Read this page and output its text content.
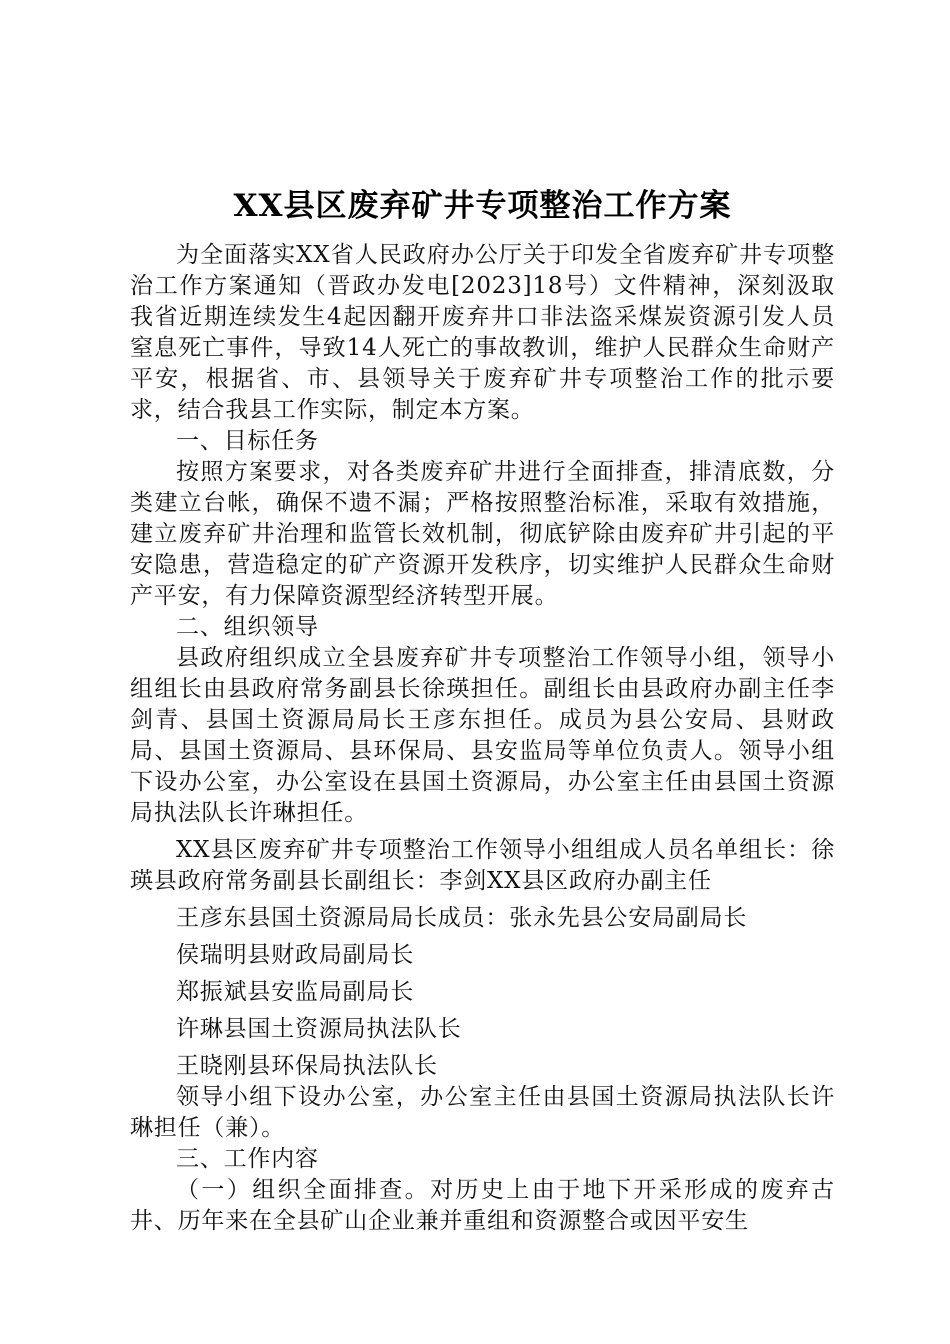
XX县区废弃矿井专项整治工作方案

为全面落实XX省人民政府办公厅关于印发全省废弃矿井专项整治工作方案通知（晋政办发电[2023]18号）文件精神，深刻汲取我省近期连续发生4起因翻开废弃井口非法盗采煤炭资源引发人员窒息死亡事件，导致14人死亡的事故教训，维护人民群众生命财产平安，根据省、市、县领导关于废弃矿井专项整治工作的批示要求，结合我县工作实际，制定本方案。

一、目标任务

按照方案要求，对各类废弃矿井进行全面排查，排清底数，分类建立台帐，确保不遗不漏；严格按照整治标准，采取有效措施，建立废弃矿井治理和监管长效机制，彻底铲除由废弃矿井引起的平安隐患，营造稳定的矿产资源开发秩序，切实维护人民群众生命财产平安，有力保障资源型经济转型开展。

二、组织领导

县政府组织成立全县废弃矿井专项整治工作领导小组，领导小组组长由县政府常务副县长徐瑛担任。副组长由县政府办副主任李剑青、县国土资源局局长王彦东担任。成员为县公安局、县财政局、县国土资源局、县环保局、县安监局等单位负责人。领导小组下设办公室，办公室设在县国土资源局，办公室主任由县国土资源局执法队长许琳担任。

XX县区废弃矿井专项整治工作领导小组组成人员名单组长：徐瑛县政府常务副县长副组长：李剑XX县区政府办副主任

王彦东县国土资源局局长成员：张永先县公安局副局长

侯瑞明县财政局副局长

郑振斌县安监局副局长

许琳县国土资源局执法队长

王晓刚县环保局执法队长

领导小组下设办公室，办公室主任由县国土资源局执法队长许琳担任（兼）。

三、工作内容

（一）组织全面排查。对历史上由于地下开采形成的废弃古井、历年来在全县矿山企业兼并重组和资源整合或因平安生
